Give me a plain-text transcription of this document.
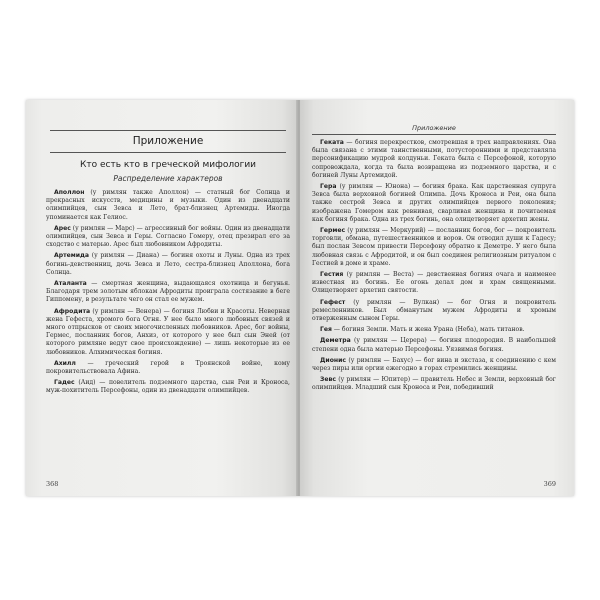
Приложение
Кто есть кто в греческой мифологии
Распределение характеров

Аполлон (у римлян также Аполлон) — статный бог Солнца и прекрасных искусств, медицины и музыки. Один из двенадцати олимпийцев, сын Зевса и Лето, брат-близнец Артемиды. Иногда упоминается как Гелиос.

Арес (у римлян — Марс) — агрессивный бог войны. Один из двенадцати олимпийцев, сын Зевса и Геры. Согласно Гомеру, отец презирал его за сходство с матерью. Арес был любовником Афродиты.

Артемида (у римлян — Диана) — богиня охоты и Луны. Одна из трех богинь-девственниц, дочь Зевса и Лето, сестра-близнец Аполлона, бога Солнца.

Аталанта — смертная женщина, выдающаяся охотница и бегунья. Благодаря трем золотым яблокам Афродиты проиграла состязание в беге Гиппомену, в результате чего он стал ее мужем.

Афродита (у римлян — Венера) — богиня Любви и Красоты. Неверная жена Гефеста, хромого бога Огня. У нее было много любовных связей и много отпрысков от своих многочисленных любовников. Арес, бог войны, Гермес, посланник богов, Анхиз, от которого у нее был сын Эней (от которого римляне ведут свое происхождение) — лишь некоторые из ее любовников. Алхимическая богиня.

Ахилл — греческий герой в Троянской войне, кому покровительствовала Афина.

Гадес (Аид) — повелитель подземного царства, сын Реи и Кроноса, муж-похититель Персефоны, один из двенадцати олимпийцев.

368
Приложение

Геката — богиня перекрестков, смотревшая в трех направлениях. Она была связана с этими таинственными, потусторонними и представляла персонификацию мудрой колдуньи. Геката была с Персефоной, которую сопровождала, когда та была возвращена из подземного царства, и с богиней Луны Артемидой.

Гера (у римлян — Юнона) — богиня брака. Как царственная супруга Зевса была верховной богиней Олимпа. Дочь Кроноса и Реи, она была также сестрой Зевса и других олимпийцев первого поколения; изображена Гомером как ревнивая, сварливая женщина и почитаемая как богиня брака. Одна из трех богинь, она олицетворяет архетип жены.

Гермес (у римлян — Меркурий) — посланник богов, бог — покровитель торговли, обмана, путешественников и воров. Он отводил души к Гадесу; был послан Зевсом привести Персефону обратно к Деметре. У него была любовная связь с Афродитой, и он был соединен религиозным ритуалом с Гестией в доме и храме.

Гестия (у римлян — Веста) — девственная богиня очага и наименее известная из богинь. Ее огонь делал дом и храм священными. Олицетворяет архетип святости.

Гефест (у римлян — Вулкан) — бог Огня и покровитель ремесленников. Был обманутым мужем Афродиты и хромым отверженным сыном Геры.

Гея — богиня Земли. Мать и жена Урана (Неба), мать титанов.

Деметра (у римлян — Церера) — богиня плодородия. В наибольшей степени одна была матерью Персефоны. Уязвимая богиня.

Дионис (у римлян — Бахус) — бог вина и экстаза, к соединению с кем через пиры или оргии ежегодно в горах стремились женщины.

Зевс (у римлян — Юпитер) — правитель Небес и Земли, верховный бог олимпийцев. Младший сын Кроноса и Реи, победивший

369
